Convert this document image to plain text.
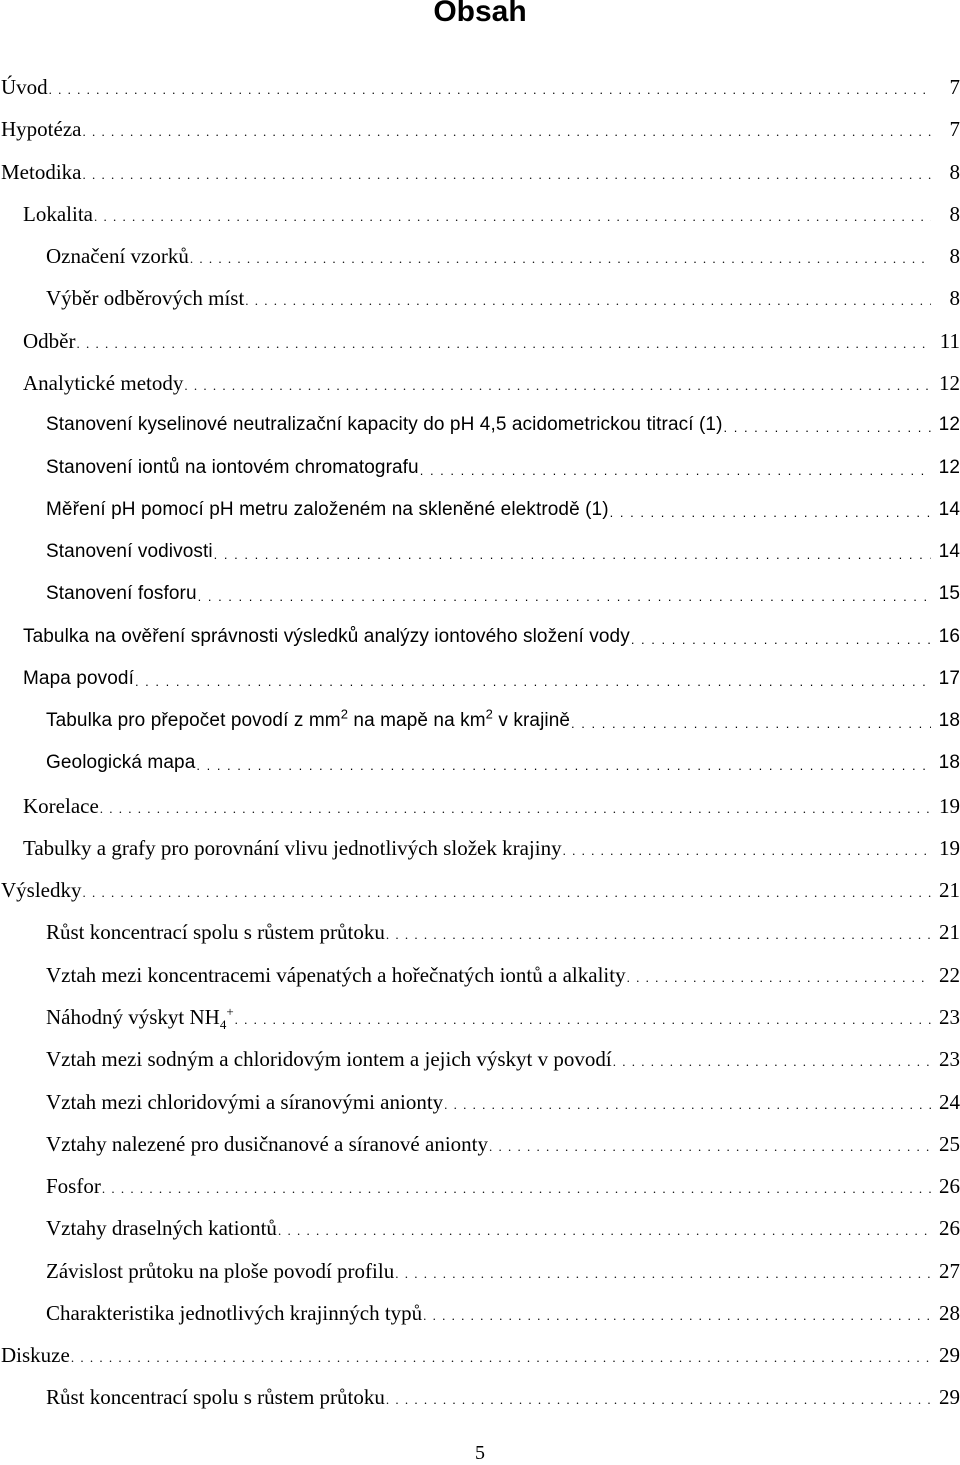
Obsah
Úvod . . .	7
Hypotéza . . .	7
Metodika . . .	8
Lokalita . . .	8
Označení vzorků . . .	8
Výběr odběrových míst . . .	8
Odběr . . .	11
Analytické metody . . .	12
Stanovení kyselinové neutralizační kapacity do pH 4,5 acidometrickou titrací (1) . . .	12
Stanovení iontů na iontovém chromatografu . . .	12
Měření pH pomocí pH metru založeném na skleněné elektrodě (1) . . .	14
Stanovení vodivosti . . .	14
Stanovení fosforu . . .	15
Tabulka na ověření správnosti výsledků analýzy iontového složení vody . . .	16
Mapa povodí . . .	17
Tabulka pro přepočet povodí z $mm^2$ na mapě na $km^2$ v krajině . . .	18
Geologická mapa . . .	18
Korelace . . .	19
Tabulky a grafy pro porovnání vlivu jednotlivých složek krajiny . . .	19
Výsledky . . .	21
Růst koncentrací spolu s růstem průtoku . . .	21
Vztah mezi koncentracemi vápenatých a hořečnatých iontů a alkality . . .	22
Náhodný výskyt $NH_4^+$ . . .	23
Vztah mezi sodným a chloridovým iontem a jejich výskyt v povodí . . .	23
Vztah mezi chloridovými a síranovými anionty . . .	24
Vztahy nalezené pro dusičnanové a síranové anionty . . .	25
Fosfor . . .	26
Vztahy draselných kationtů . . .	26
Závislost průtoku na ploše povodí profilu . . .	27
Charakteristika jednotlivých krajinných typů . . .	28
Diskuze . . .	29
Růst koncentrací spolu s růstem průtoku . . .	29
5
